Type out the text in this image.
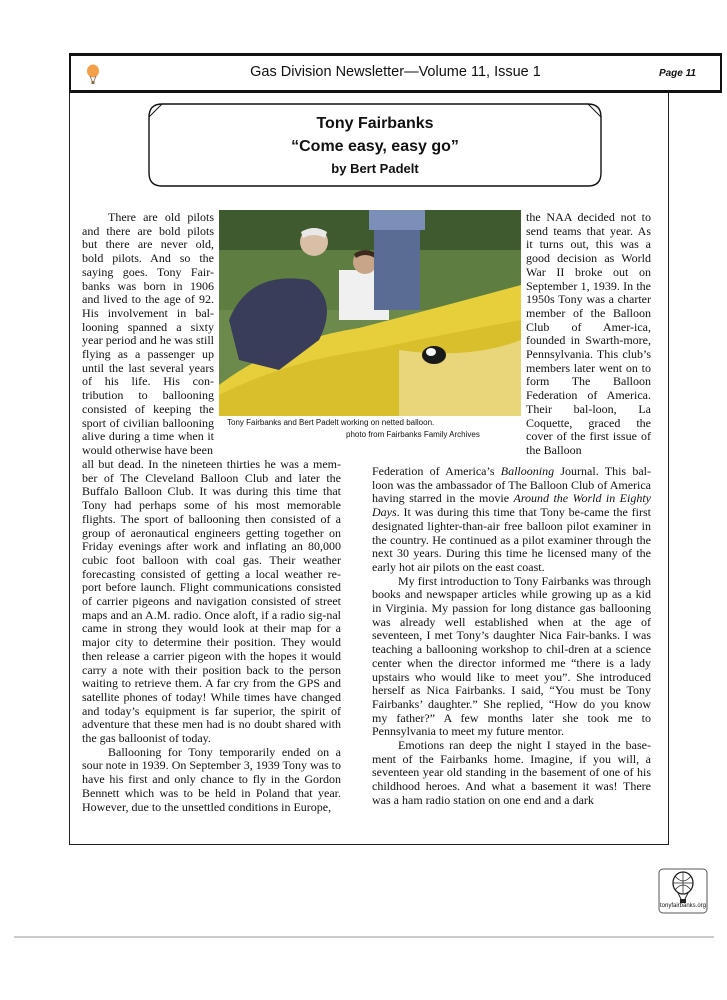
Gas Division Newsletter—Volume 11, Issue 1	Page 11
Tony Fairbanks
“Come easy, easy go”
by Bert Padelt

There are old pilots and there are bold pilots but there are never old, bold pilots. And so the saying goes. Tony Fair-banks was born in 1906 and lived to the age of 92. His involvement in bal-looning spanned a sixty year period and he was still flying as a passenger up until the last several years of his life. His con-tribution to ballooning consisted of keeping the sport of civilian ballooning alive during a time when it would otherwise have been

Tony Fairbanks and Bert Padelt working on netted balloon.
photo from Fairbanks Family Archives

the NAA decided not to send teams that year. As it turns out, this was a good decision as World War II broke out on September 1, 1939. In the 1950s Tony was a charter member of the Balloon Club of Amer-ica, founded in Swarth-more, Pennsylvania. This club’s members later went on to form The Balloon Federation of America. Their bal-loon, La Coquette, graced the cover of the first issue of the Balloon

all but dead. In the nineteen thirties he was a mem-ber of The Cleveland Balloon Club and later the Buffalo Balloon Club. It was during this time that Tony had perhaps some of his most memorable flights. The sport of ballooning then consisted of a group of aeronautical engineers getting together on Friday evenings after work and inflating an 80,000 cubic foot balloon with coal gas. Their weather forecasting consisted of getting a local weather re-port before launch. Flight communications consisted of carrier pigeons and navigation consisted of street maps and an A.M. radio. Once aloft, if a radio sig-nal came in strong they would look at their map for a major city to determine their position. They would then release a carrier pigeon with the hopes it would carry a note with their position back to the person waiting to retrieve them. A far cry from the GPS and satellite phones of today! While times have changed and today’s equipment is far superior, the spirit of adventure that these men had is no doubt shared with the gas balloonist of today.

Ballooning for Tony temporarily ended on a sour note in 1939. On September 3, 1939 Tony was to have his first and only chance to fly in the Gordon Bennett which was to be held in Poland that year. However, due to the unsettled conditions in Europe,

Federation of America’s Ballooning Journal. This bal-loon was the ambassador of The Balloon Club of America having starred in the movie Around the World in Eighty Days. It was during this time that Tony be-came the first designated lighter-than-air free balloon pilot examiner in the country. He continued as a pilot examiner through the next 30 years. During this time he licensed many of the early hot air pilots on the east coast.

My first introduction to Tony Fairbanks was through books and newspaper articles while growing up as a kid in Virginia. My passion for long distance gas ballooning was already well established when at the age of seventeen, I met Tony’s daughter Nica Fair-banks. I was teaching a ballooning workshop to chil-dren at a science center when the director informed me “there is a lady upstairs who would like to meet you”. She introduced herself as Nica Fairbanks. I said, “You must be Tony Fairbanks’ daughter.” She replied, “How do you know my father?” A few months later she took me to Pennsylvania to meet my future mentor.

Emotions ran deep the night I stayed in the base-ment of the Fairbanks home. Imagine, if you will, a seventeen year old standing in the basement of one of his childhood heroes. And what a basement it was! There was a ham radio station on one end and a dark

tonyfairbanks.org
